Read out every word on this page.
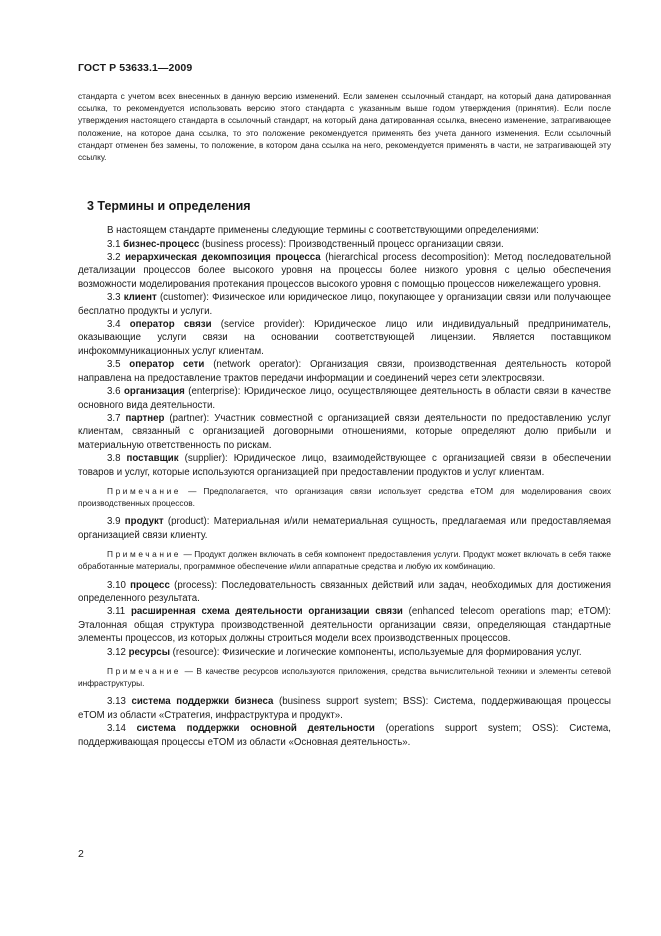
ГОСТ Р 53633.1—2009

стандарта с учетом всех внесенных в данную версию изменений. Если заменен ссылочный стандарт, на который дана датированная ссылка, то рекомендуется использовать версию этого стандарта с указанным выше годом утверждения (принятия). Если после утверждения настоящего стандарта в ссылочный стандарт, на который дана датированная ссылка, внесено изменение, затрагивающее положение, на которое дана ссылка, то это положение рекомендуется применять без учета данного изменения. Если ссылочный стандарт отменен без замены, то положение, в котором дана ссылка на него, рекомендуется применять в части, не затрагивающей эту ссылку.

3 Термины и определения

В настоящем стандарте применены следующие термины с соответствующими определениями:

3.1 бизнес-процесс (business process): Производственный процесс организации связи.

3.2 иерархическая декомпозиция процесса (hierarchical process decomposition): Метод последовательной детализации процессов более высокого уровня на процессы более низкого уровня с целью обеспечения возможности моделирования протекания процессов высокого уровня с помощью процессов нижележащего уровня.

3.3 клиент (customer): Физическое или юридическое лицо, покупающее у организации связи или получающее бесплатно продукты и услуги.

3.4 оператор связи (service provider): Юридическое лицо или индивидуальный предприниматель, оказывающие услуги связи на основании соответствующей лицензии. Является поставщиком инфокоммуникационных услуг клиентам.

3.5 оператор сети (network operator): Организация связи, производственная деятельность которой направлена на предоставление трактов передачи информации и соединений через сети электросвязи.

3.6 организация (enterprise): Юридическое лицо, осуществляющее деятельность в области связи в качестве основного вида деятельности.

3.7 партнер (partner): Участник совместной с организацией связи деятельности по предоставлению услуг клиентам, связанный с организацией договорными отношениями, которые определяют долю прибыли и материальную ответственность по рискам.

3.8 поставщик (supplier): Юридическое лицо, взаимодействующее с организацией связи в обеспечении товаров и услуг, которые используются организацией при предоставлении продуктов и услуг клиентам.

Примечание — Предполагается, что организация связи использует средства eTOM для моделирования своих производственных процессов.

3.9 продукт (product): Материальная и/или нематериальная сущность, предлагаемая или предоставляемая организацией связи клиенту.

Примечание — Продукт должен включать в себя компонент предоставления услуги. Продукт может включать в себя также обработанные материалы, программное обеспечение и/или аппаратные средства и любую их комбинацию.

3.10 процесс (process): Последовательность связанных действий или задач, необходимых для достижения определенного результата.

3.11 расширенная схема деятельности организации связи (enhanced telecom operations map; eTOM): Эталонная общая структура производственной деятельности организации связи, определяющая стандартные элементы процессов, из которых должны строиться модели всех производственных процессов.

3.12 ресурсы (resource): Физические и логические компоненты, используемые для формирования услуг.

Примечание — В качестве ресурсов используются приложения, средства вычислительной техники и элементы сетевой инфраструктуры.

3.13 система поддержки бизнеса (business support system; BSS): Система, поддерживающая процессы eTOM из области «Стратегия, инфраструктура и продукт».

3.14 система поддержки основной деятельности (operations support system; OSS): Система, поддерживающая процессы eTOM из области «Основная деятельность».

2
